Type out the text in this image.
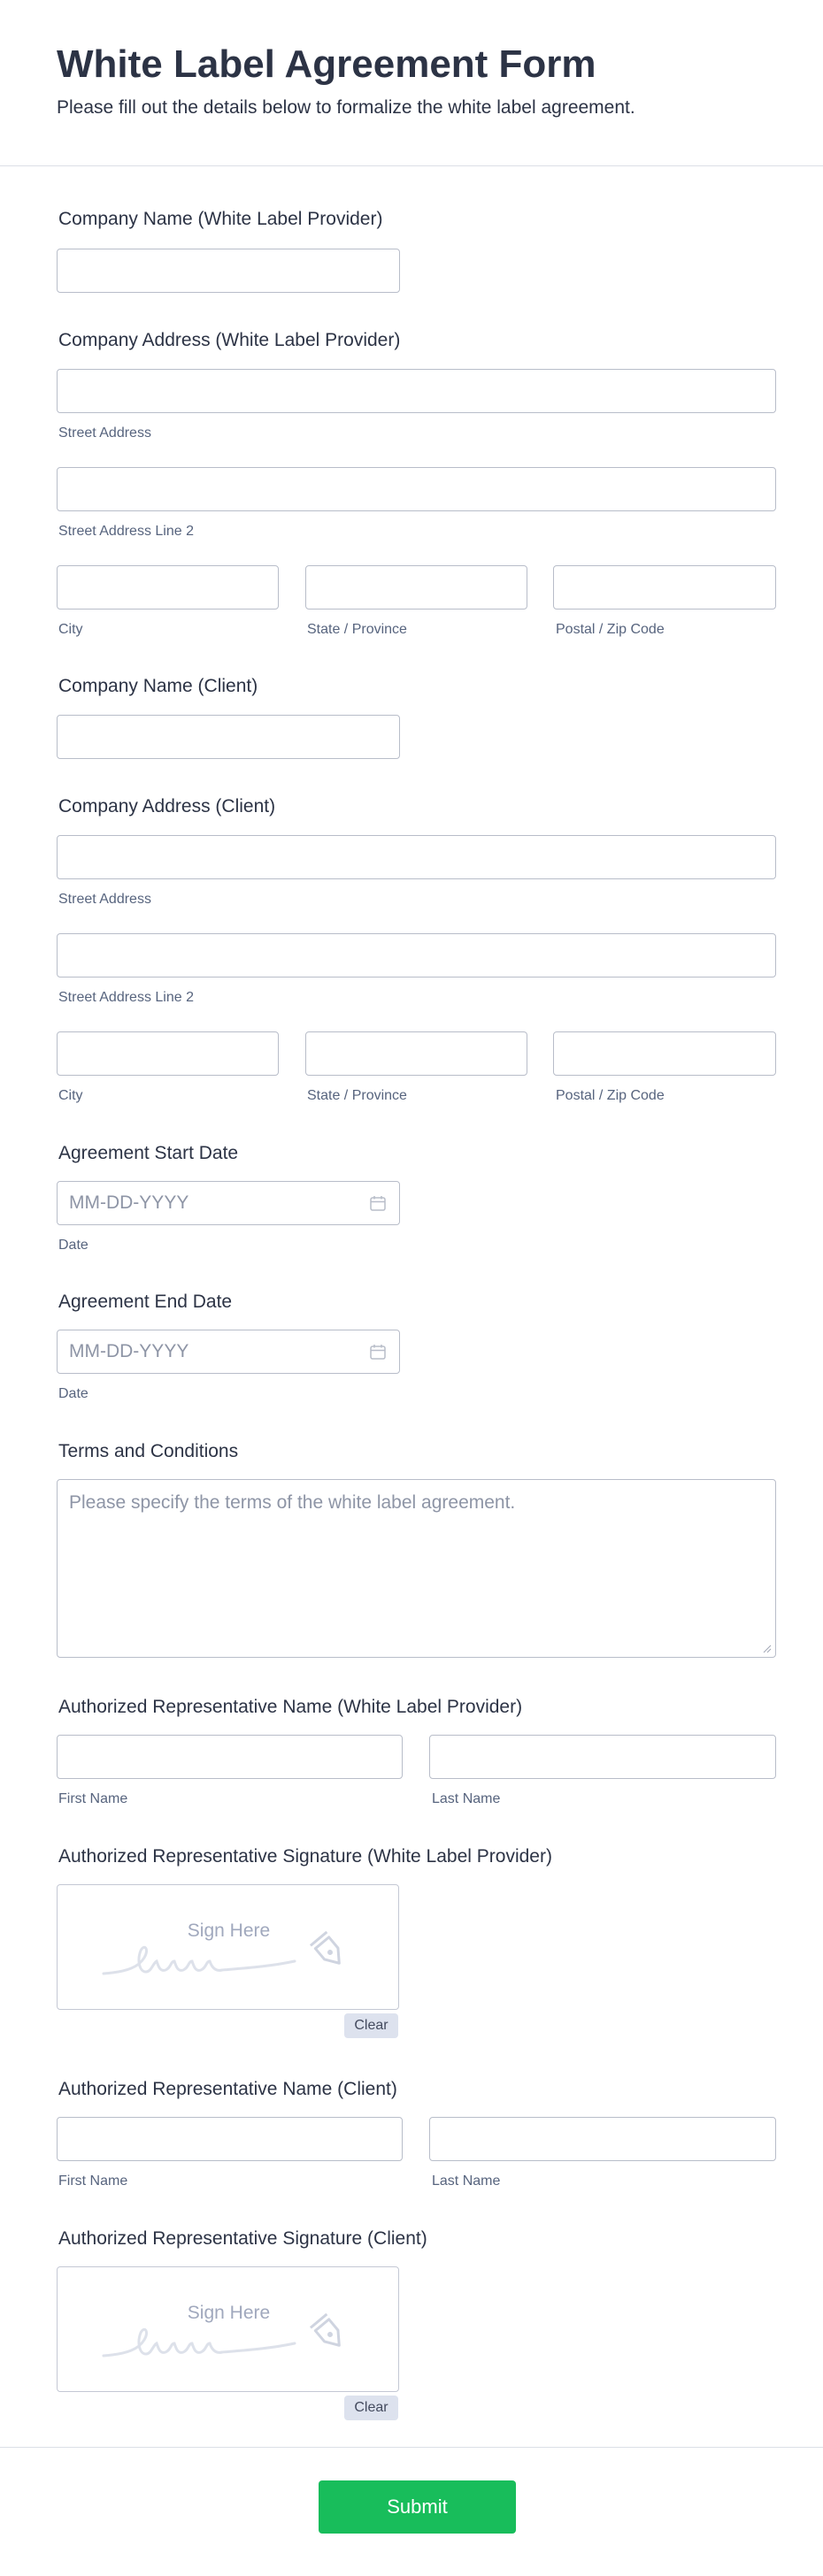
White Label Agreement Form

Please fill out the details below to formalize the white label agreement.

Company Name (White Label Provider)
Company Address (White Label Provider)
Street Address
Street Address Line 2
City	State / Province	Postal / Zip Code
Company Name (Client)
Company Address (Client)
Street Address
Street Address Line 2
City	State / Province	Postal / Zip Code
Agreement Start Date
MM-DD-YYYY
Date
Agreement End Date
MM-DD-YYYY
Date
Terms and Conditions
Please specify the terms of the white label agreement.
Authorized Representative Name (White Label Provider)
First Name	Last Name
Authorized Representative Signature (White Label Provider)
Sign Here
Clear
Authorized Representative Name (Client)
First Name	Last Name
Authorized Representative Signature (Client)
Sign Here
Clear
Submit
